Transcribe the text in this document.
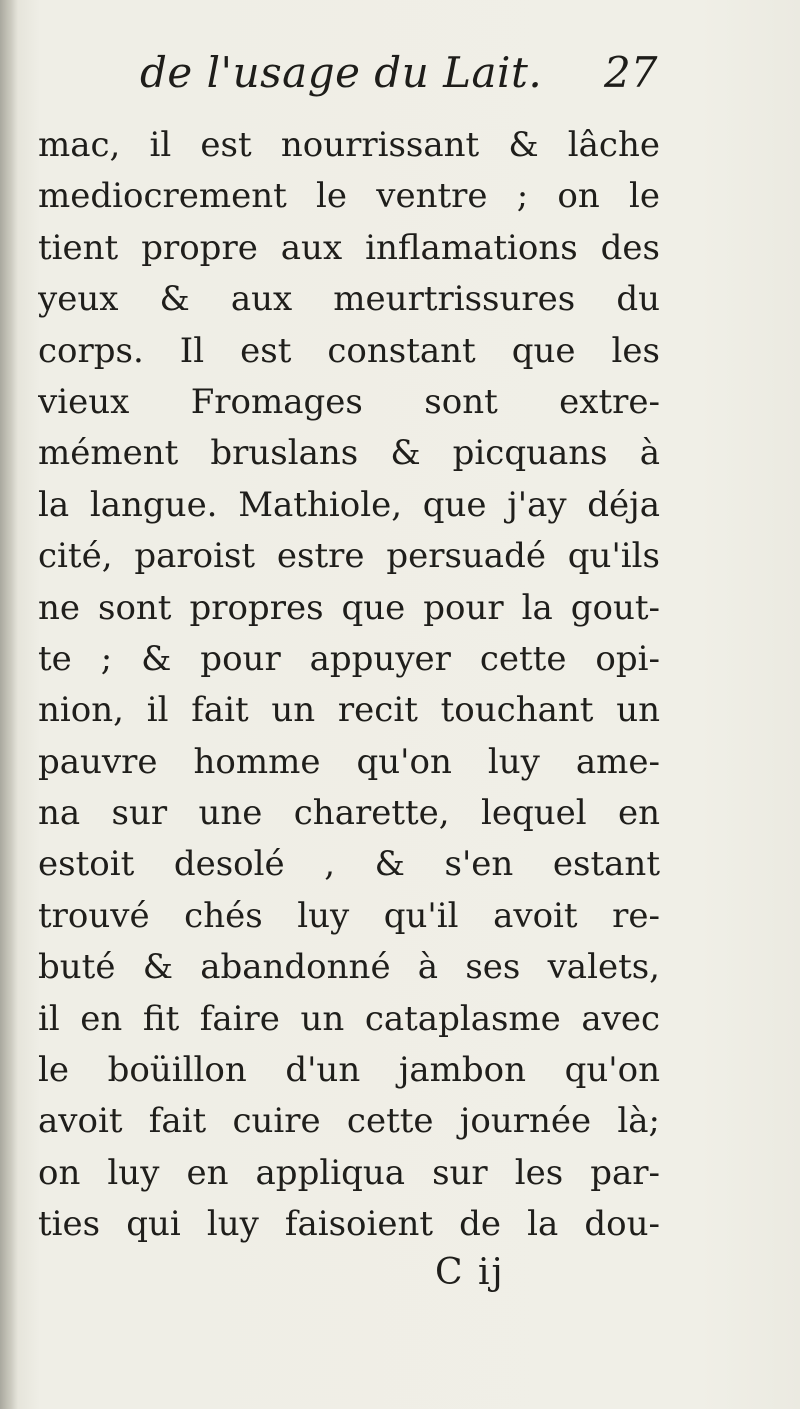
de l'usage du Lait. 27
mac, il est nourrissant & lâche
mediocrement le ventre ; on le
tient propre aux inflamations des
yeux & aux meurtrissures du
corps. Il est constant que les
vieux Fromages sont extre-
mément bruslans & picquans à
la langue. Mathiole, que j'ay déja
cité, paroist estre persuadé qu'ils
ne sont propres que pour la gout-
te ; & pour appuyer cette opi-
nion, il fait un recit touchant un
pauvre homme qu'on luy ame-
na sur une charette, lequel en
estoit desolé , & s'en estant
trouvé chés luy qu'il avoit re-
buté & abandonné à ses valets,
il en fit faire un cataplasme avec
le boüillon d'un jambon qu'on
avoit fait cuire cette journée là;
on luy en appliqua sur les par-
ties qui luy faisoient de la dou-
C ij
